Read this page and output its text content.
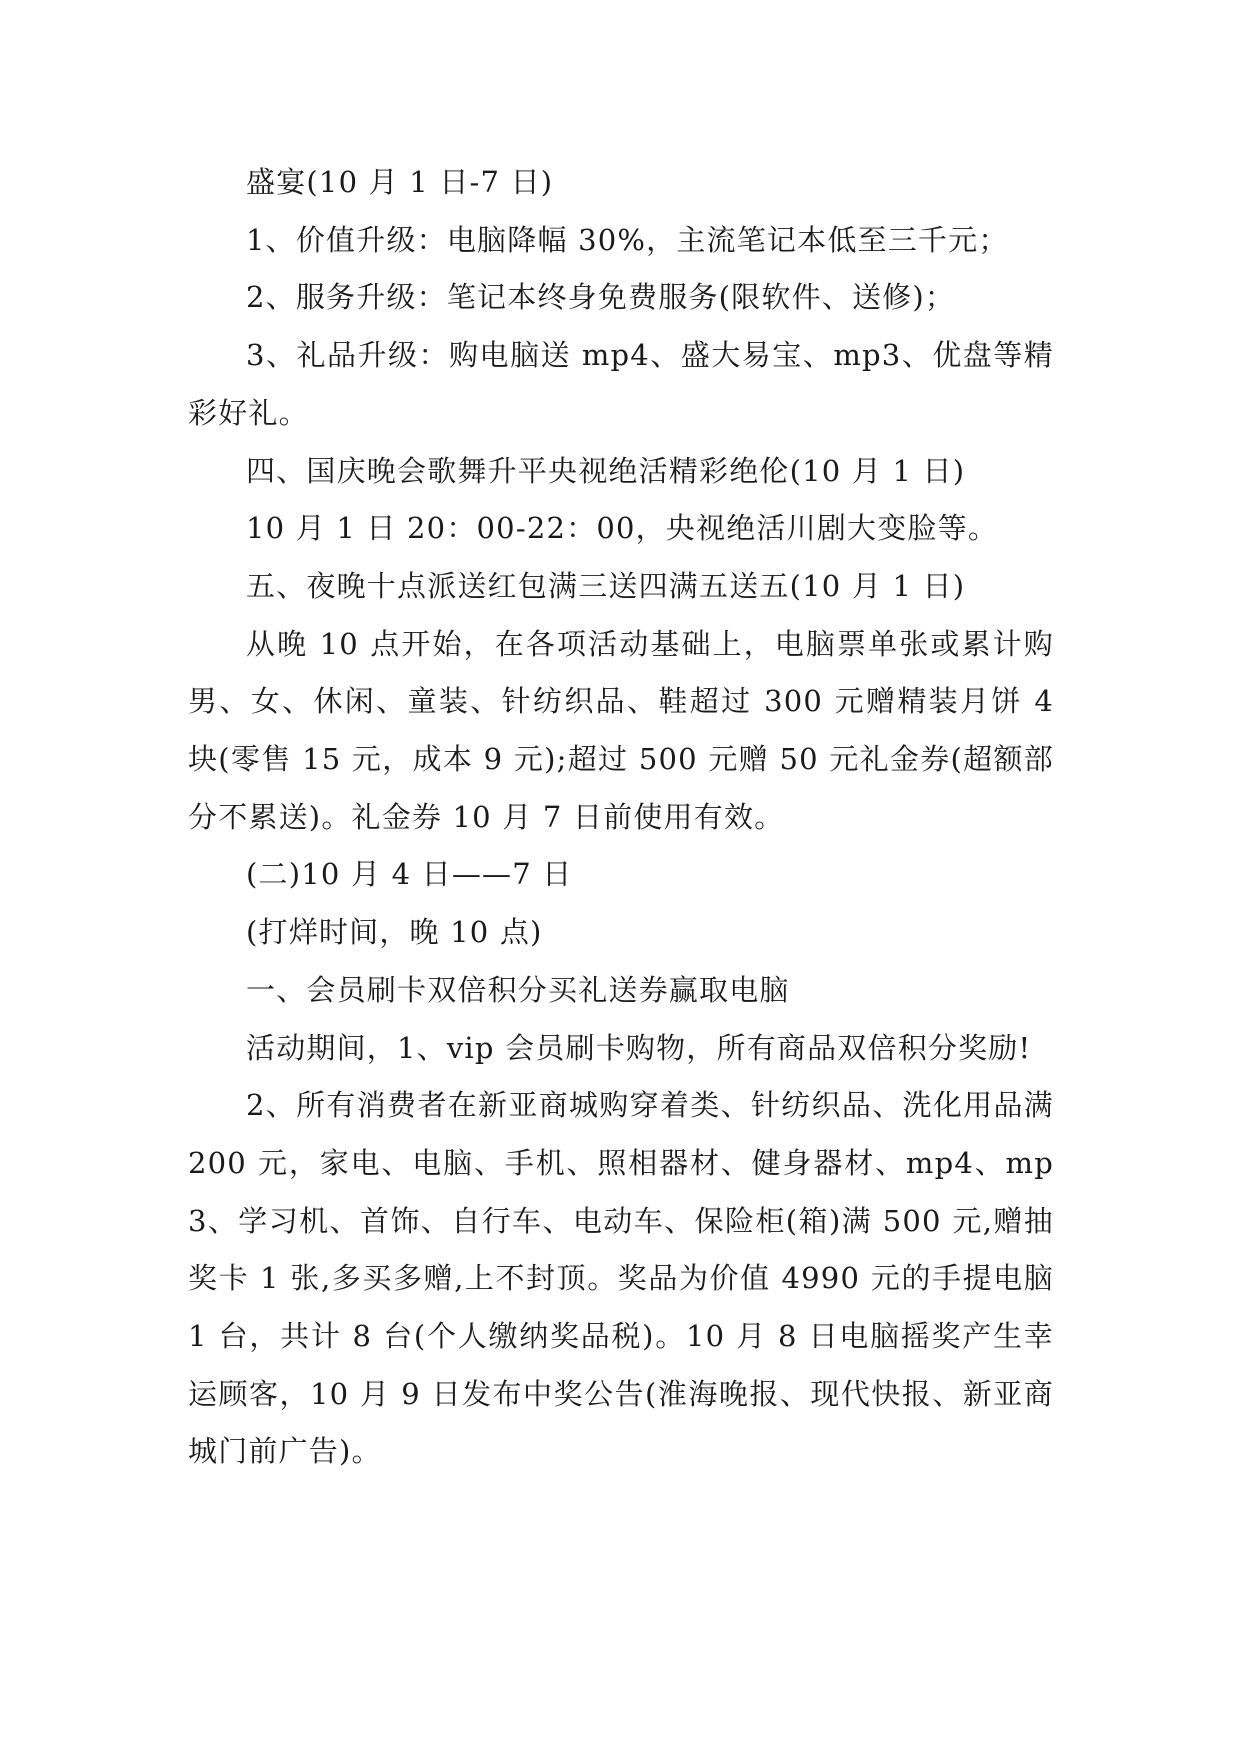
盛宴(10 月 1 日-7 日)

1、价值升级：电脑降幅 30%，主流笔记本低至三千元；

2、服务升级：笔记本终身免费服务(限软件、送修)；

3、礼品升级：购电脑送 mp4、盛大易宝、mp3、优盘等精彩好礼。

四、国庆晚会歌舞升平央视绝活精彩绝伦(10 月 1 日)

10 月 1 日 20：00-22：00，央视绝活川剧大变脸等。

五、夜晚十点派送红包满三送四满五送五(10 月 1 日)

从晚 10 点开始，在各项活动基础上，电脑票单张或累计购男、女、休闲、童装、针纺织品、鞋超过 300 元赠精装月饼 4 块(零售 15 元，成本 9 元);超过 500 元赠 50 元礼金券(超额部分不累送)。礼金券 10 月 7 日前使用有效。

(二)10 月 4 日——7 日

(打烊时间，晚 10 点)

一、会员刷卡双倍积分买礼送券赢取电脑

活动期间，1、vip 会员刷卡购物，所有商品双倍积分奖励!

2、所有消费者在新亚商城购穿着类、针纺织品、洗化用品满 200 元，家电、电脑、手机、照相器材、健身器材、mp4、mp3、学习机、首饰、自行车、电动车、保险柜(箱)满 500 元,赠抽奖卡 1 张,多买多赠,上不封顶。奖品为价值 4990 元的手提电脑 1 台，共计 8 台(个人缴纳奖品税)。10 月 8 日电脑摇奖产生幸运顾客，10 月 9 日发布中奖公告(淮海晚报、现代快报、新亚商城门前广告)。
